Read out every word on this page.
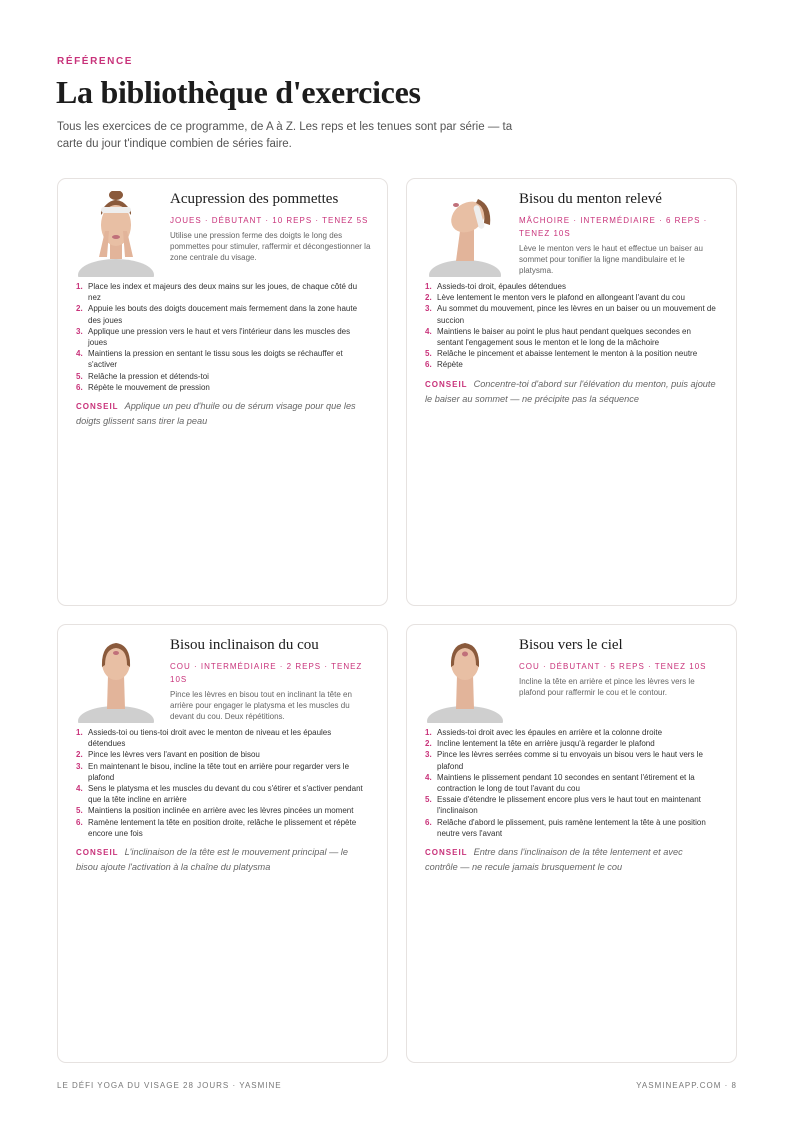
RÉFÉRENCE
La bibliothèque d'exercices

Tous les exercices de ce programme, de A à Z. Les reps et les tenues sont par série — ta carte du jour t'indique combien de séries faire.

Acupression des pommettes
JOUES · DÉBUTANT · 10 REPS · TENEZ 5S
Utilise une pression ferme des doigts le long des pommettes pour stimuler, raffermir et décongestionner la zone centrale du visage.
1. Place les index et majeurs des deux mains sur les joues, de chaque côté du nez
2. Appuie les bouts des doigts doucement mais fermement dans la zone haute des joues
3. Applique une pression vers le haut et vers l'intérieur dans les muscles des joues
4. Maintiens la pression en sentant le tissu sous les doigts se réchauffer et s'activer
5. Relâche la pression et détends-toi
6. Répète le mouvement de pression
CONSEIL Applique un peu d'huile ou de sérum visage pour que les doigts glissent sans tirer la peau
Bisou du menton relevé
MÂCHOIRE · INTERMÉDIAIRE · 6 REPS · TENEZ 10S
Lève le menton vers le haut et effectue un baiser au sommet pour tonifier la ligne mandibulaire et le platysma.
1. Assieds-toi droit, épaules détendues
2. Lève lentement le menton vers le plafond en allongeant l'avant du cou
3. Au sommet du mouvement, pince les lèvres en un baiser ou un mouvement de succion
4. Maintiens le baiser au point le plus haut pendant quelques secondes en sentant l'engagement sous le menton et le long de la mâchoire
5. Relâche le pincement et abaisse lentement le menton à la position neutre
6. Répète
CONSEIL Concentre-toi d'abord sur l'élévation du menton, puis ajoute le baiser au sommet — ne précipite pas la séquence
Bisou inclinaison du cou
COU · INTERMÉDIAIRE · 2 REPS · TENEZ 10S
Pince les lèvres en bisou tout en inclinant la tête en arrière pour engager le platysma et les muscles du devant du cou. Deux répétitions.
1. Assieds-toi ou tiens-toi droit avec le menton de niveau et les épaules détendues
2. Pince les lèvres vers l'avant en position de bisou
3. En maintenant le bisou, incline la tête tout en arrière pour regarder vers le plafond
4. Sens le platysma et les muscles du devant du cou s'étirer et s'activer pendant que la tête incline en arrière
5. Maintiens la position inclinée en arrière avec les lèvres pincées un moment
6. Ramène lentement la tête en position droite, relâche le plissement et répète encore une fois
CONSEIL L'inclinaison de la tête est le mouvement principal — le bisou ajoute l'activation à la chaîne du platysma
Bisou vers le ciel
COU · DÉBUTANT · 5 REPS · TENEZ 10S
Incline la tête en arrière et pince les lèvres vers le plafond pour raffermir le cou et le contour.
1. Assieds-toi droit avec les épaules en arrière et la colonne droite
2. Incline lentement la tête en arrière jusqu'à regarder le plafond
3. Pince les lèvres serrées comme si tu envoyais un bisou vers le haut vers le plafond
4. Maintiens le plissement pendant 10 secondes en sentant l'étirement et la contraction le long de tout l'avant du cou
5. Essaie d'étendre le plissement encore plus vers le haut tout en maintenant l'inclinaison
6. Relâche d'abord le plissement, puis ramène lentement la tête à une position neutre vers l'avant
CONSEIL Entre dans l'inclinaison de la tête lentement et avec contrôle — ne recule jamais brusquement le cou
LE DÉFI YOGA DU VISAGE 28 JOURS · YASMINE	YASMINEAPP.COM · 8
